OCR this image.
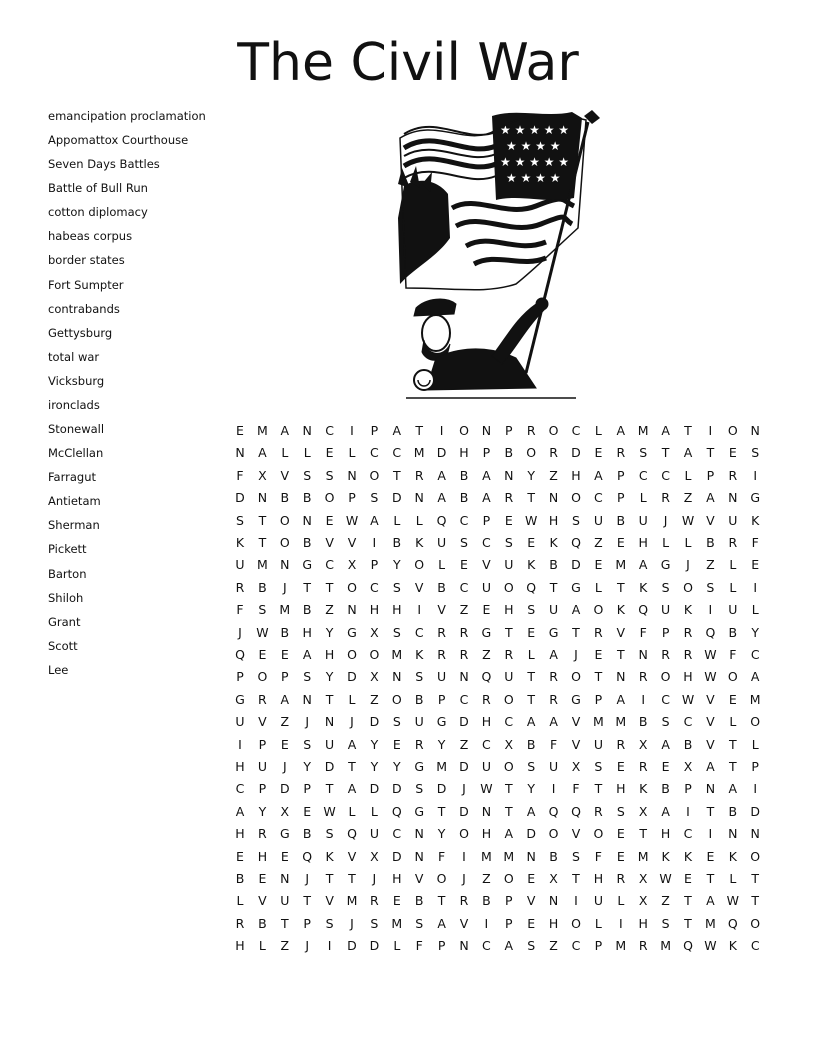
The Civil War
emancipation proclamation
Appomattox Courthouse
Seven Days Battles
Battle of Bull Run
cotton diplomacy
habeas corpus
border states
Fort Sumpter
contrabands
Gettysburg
total war
Vicksburg
ironclads
Stonewall
McClellan
Farragut
Antietam
Sherman
Pickett
Barton
Shiloh
Grant
Scott
Lee
★ ★ ★ ★ ★
★ ★ ★ ★
★ ★ ★ ★ ★
★ ★ ★ ★
E	M	A	N	C	I	P	A	T	I	O	N	P	R	O	C	L	A	M	A	T	I	O	N
N	A	L	L	E	L	C	C	M D	H	P	B	O	R	D	E	R	S	T	A	T	E	S
F	X	V	S	S	N	O	T	R	A	B	A	N	Y	Z	H	A	P	C	C	L	P	R	I
D	N	B	B	O	P	S	D	N	A	B	A	R	T	N	O	C	P	L	R	Z	A	N	G
S	T	O	N	E W A	L	L	Q	C	P	E W H	S	U	B	U	J	W V	U	K
K	T	O	B	V	V	I	B	K	U	S	C	S	E	K	Q	Z	E	H	L	L	B	R	F
U M N	G	C	X	P	Y	O	L	E	V	U	K	B	D	E	M	A	G	J	Z	L	E
R	B	J	T	T	O	C	S	V	B	C	U	O	Q	T	G	L	T	K	S	O	S	L	I
F	S	M	B	Z	N	H	H	I	V	Z	E	H	S	U	A	O	K	Q	U	K	I	U	L
J	W B	H	Y	G	X	S	C	R	R	G	T	E	G	T	R	V	F	P	R	Q	B	Y
Q	E	E	A	H	O	O M	K	R	R	Z	R	L	A	J	E	T	N	R	R W	F	C
P	O	P	S	Y	D	X	N	S	U	N	Q	U	T	R	O	T	N	R	O	H W O	A
G	R	A	N	T	L	Z	O	B	P	C	R	O	T	R	G	P	A	I	C W V	E	M
U	V	Z	J	N	J	D	S	U	G	D	H	C	A	A	V	M M	B	S	C	V	L	O
I	P	E	S	U	A	Y	E	R	Y	Z	C	X	B	F	V	U	R	X	A	B	V	T	L
H	U	J	Y	D	T	Y	Y	G M D	U	O	S	U	X	S	E	R	E	X	A	T	P
C	P	D	P	T	A	D	D	S	D	J	W T	Y	I	F	T	H	K	B	P	N	A	I
A	Y	X	E W	L	L	Q	G	T	D	N	T	A	Q	Q	R	S	X	A	I	T	B	D
H	R	G	B	S	Q	U	C	N	Y	O	H	A	D	O	V	O	E	T	H	C	I	N	N
E	H	E	Q	K	V	X	D	N	F	I	M M N	B	S	F	E	M	K	K	E	K	O
B	E	N	J	T	T	J	H	V	O	J	Z	O	E	X	T	H	R	X W E	T	L	T
L	V	U	T	V	M	R	E	B	T	R	B	P	V	N	I	U	L	X	Z	T	A W T
R	B	T	P	S	J	S	M	S	A	V	I	P	E	H	O	L	I	H	S	T	M Q	O
H	L	Z	J	I	D	D	L	F	P	N	C	A	S	Z	C	P	M	R	M Q W K	C
